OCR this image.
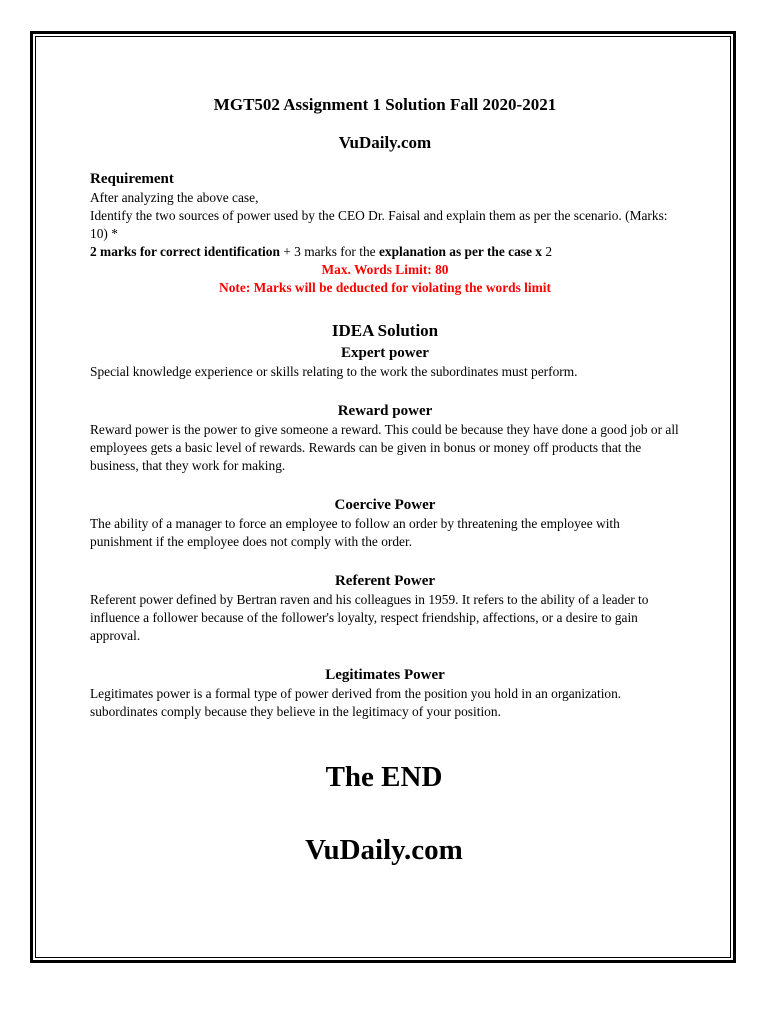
MGT502 Assignment 1 Solution Fall 2020-2021
VuDaily.com
Requirement

After analyzing the above case,

Identify the two sources of power used by the CEO Dr. Faisal and explain them as per the scenario. (Marks: 10) *

2 marks for correct identification + 3 marks for the explanation as per the case x 2

Max. Words Limit: 80

Note: Marks will be deducted for violating the words limit

IDEA Solution
Expert power

Special knowledge experience or skills relating to the work the subordinates must perform.

Reward power

Reward power is the power to give someone a reward. This could be because they have done a good job or all employees gets a basic level of rewards. Rewards can be given in bonus or money off products that the business, that they work for making.

Coercive Power

The ability of a manager to force an employee to follow an order by threatening the employee with punishment if the employee does not comply with the order.

Referent Power

Referent power defined by Bertran raven and his colleagues in 1959. It refers to the ability of a leader to influence a follower because of the follower's loyalty, respect friendship, affections, or a desire to gain approval.

Legitimates Power

Legitimates power is a formal type of power derived from the position you hold in an organization. subordinates comply because they believe in the legitimacy of your position.

The END
VuDaily.com
